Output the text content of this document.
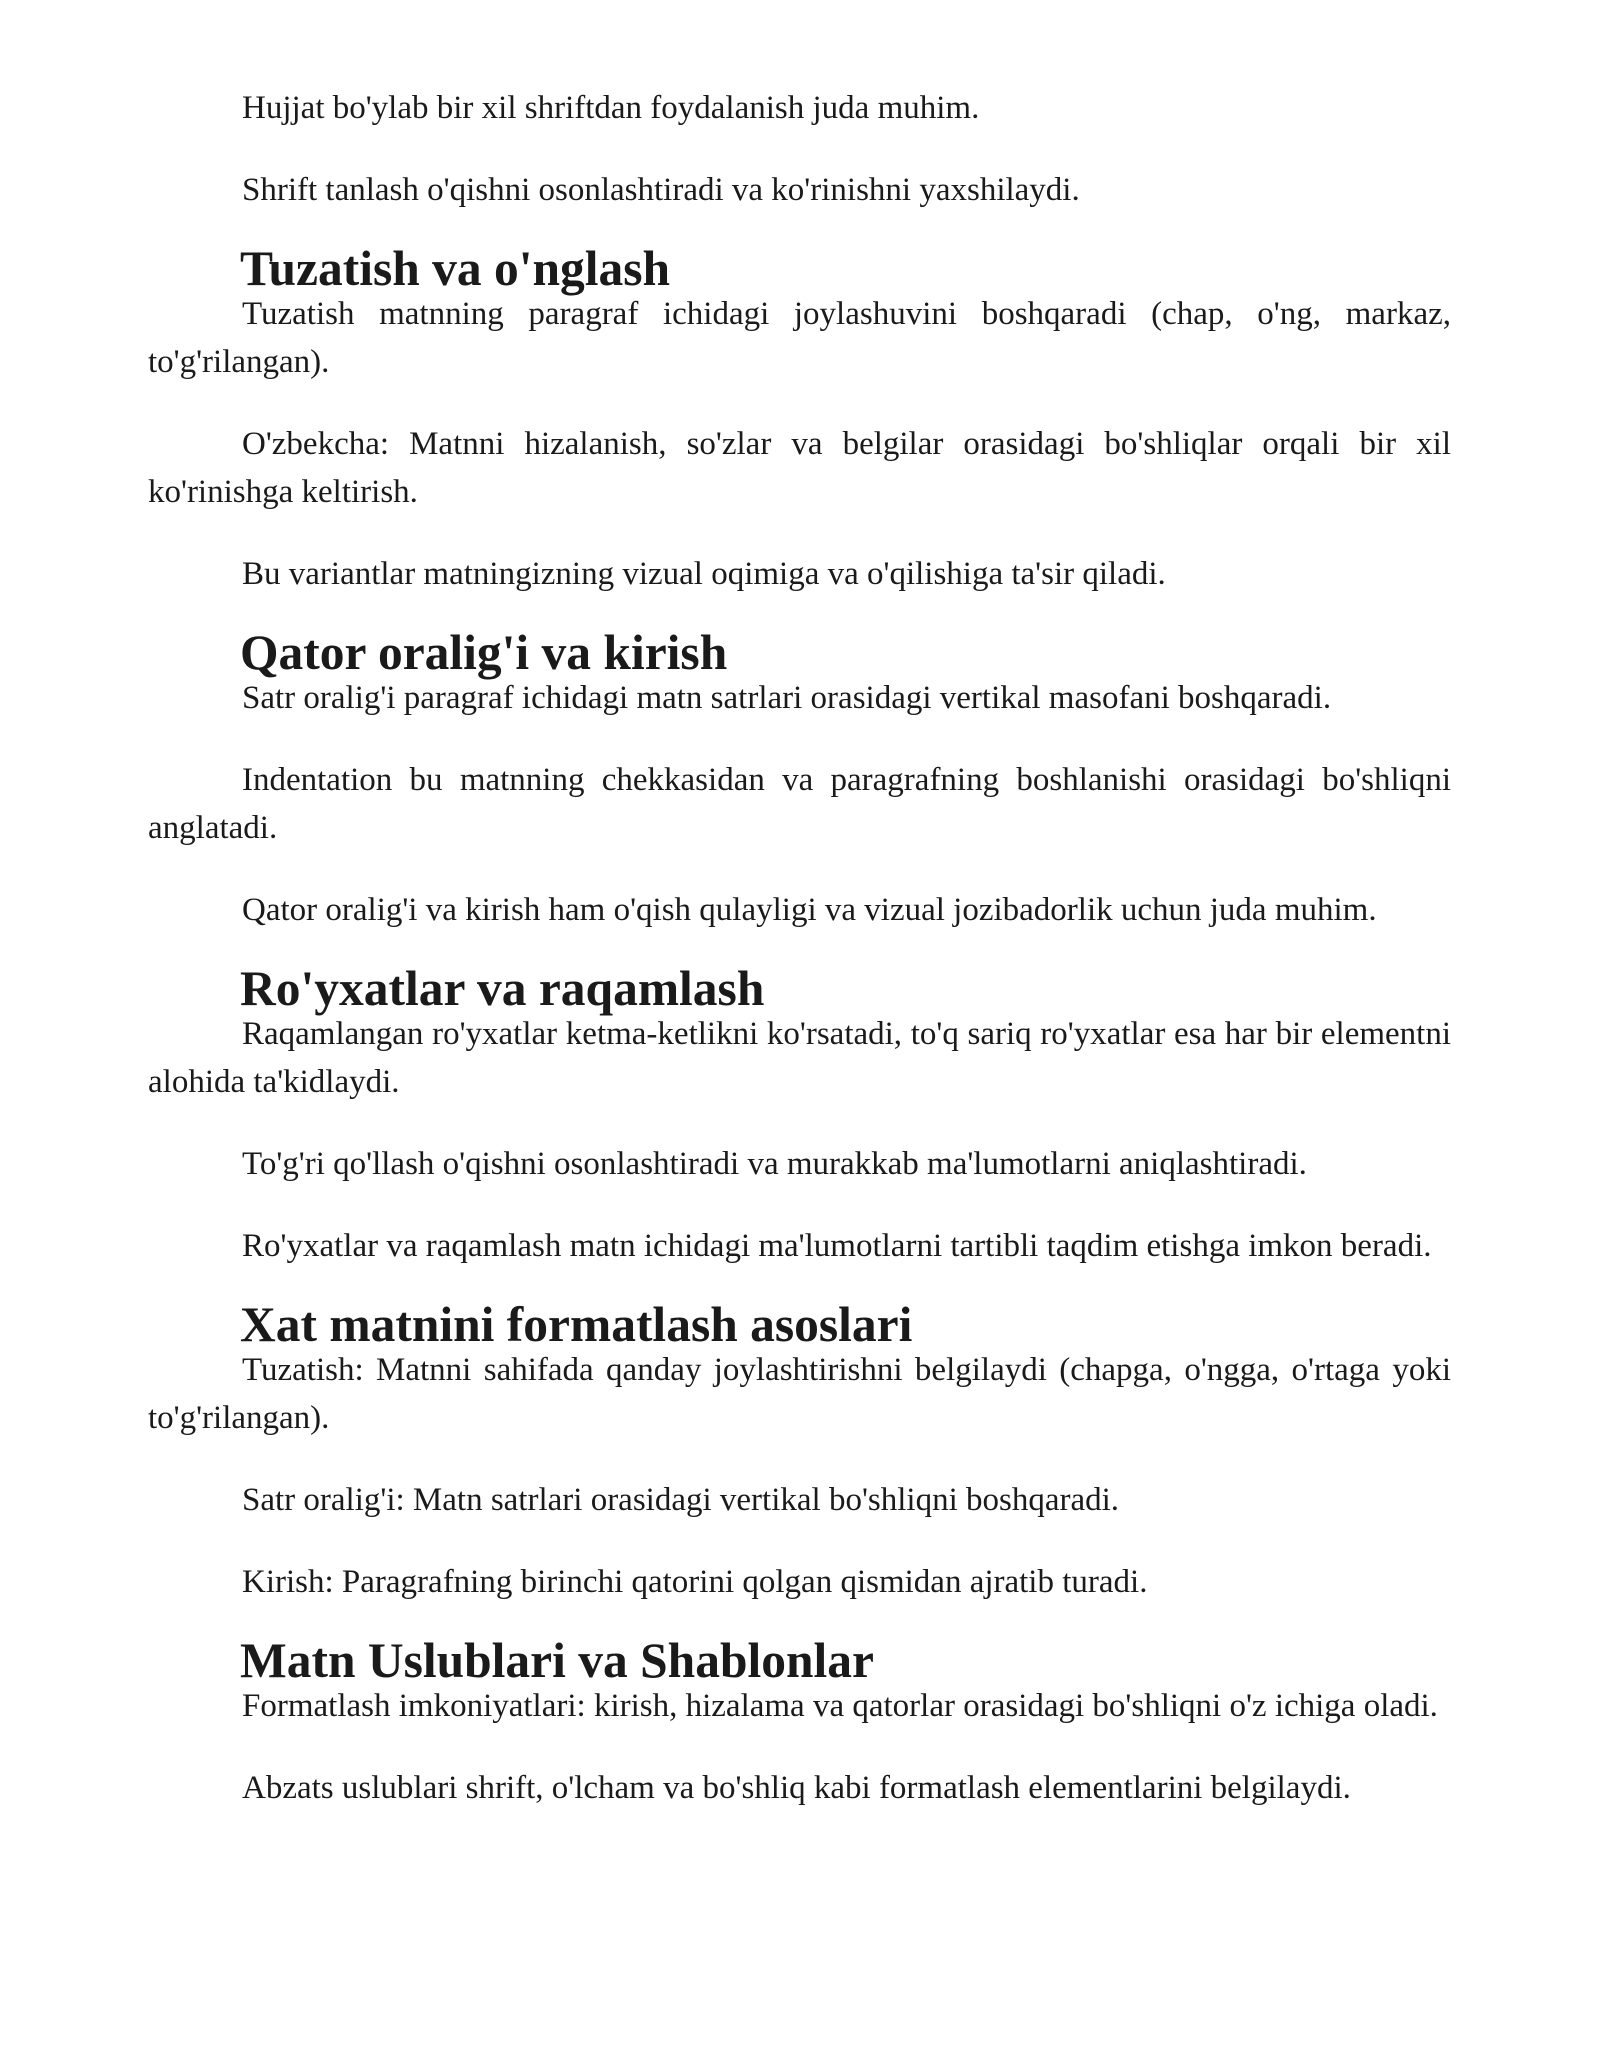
Hujjat bo'ylab bir xil shriftdan foydalanish juda muhim.

Shrift tanlash o'qishni osonlashtiradi va ko'rinishni yaxshilaydi.

Tuzatish va o'nglash

Tuzatish matnning paragraf ichidagi joylashuvini boshqaradi (chap, o'ng, markaz, to'g'rilangan).

O'zbekcha: Matnni hizalanish, so'zlar va belgilar orasidagi bo'shliqlar orqali bir xil ko'rinishga keltirish.

Bu variantlar matningizning vizual oqimiga va o'qilishiga ta'sir qiladi.

Qator oralig'i va kirish

Satr oralig'i paragraf ichidagi matn satrlari orasidagi vertikal masofani boshqaradi.

Indentation bu matnning chekkasidan va paragrafning boshlanishi orasidagi bo'shliqni anglatadi.

Qator oralig'i va kirish ham o'qish qulayligi va vizual jozibadorlik uchun juda muhim.

Ro'yxatlar va raqamlash

Raqamlangan ro'yxatlar ketma-ketlikni ko'rsatadi, to'q sariq ro'yxatlar esa har bir elementni alohida ta'kidlaydi.

To'g'ri qo'llash o'qishni osonlashtiradi va murakkab ma'lumotlarni aniqlashtiradi.

Ro'yxatlar va raqamlash matn ichidagi ma'lumotlarni tartibli taqdim etishga imkon beradi.

Xat matnini formatlash asoslari

Tuzatish: Matnni sahifada qanday joylashtirishni belgilaydi (chapga, o'ngga, o'rtaga yoki to'g'rilangan).

Satr oralig'i: Matn satrlari orasidagi vertikal bo'shliqni boshqaradi.

Kirish: Paragrafning birinchi qatorini qolgan qismidan ajratib turadi.

Matn Uslublari va Shablonlar

Formatlash imkoniyatlari: kirish, hizalama va qatorlar orasidagi bo'shliqni o'z ichiga oladi.

Abzats uslublari shrift, o'lcham va bo'shliq kabi formatlash elementlarini belgilaydi.
